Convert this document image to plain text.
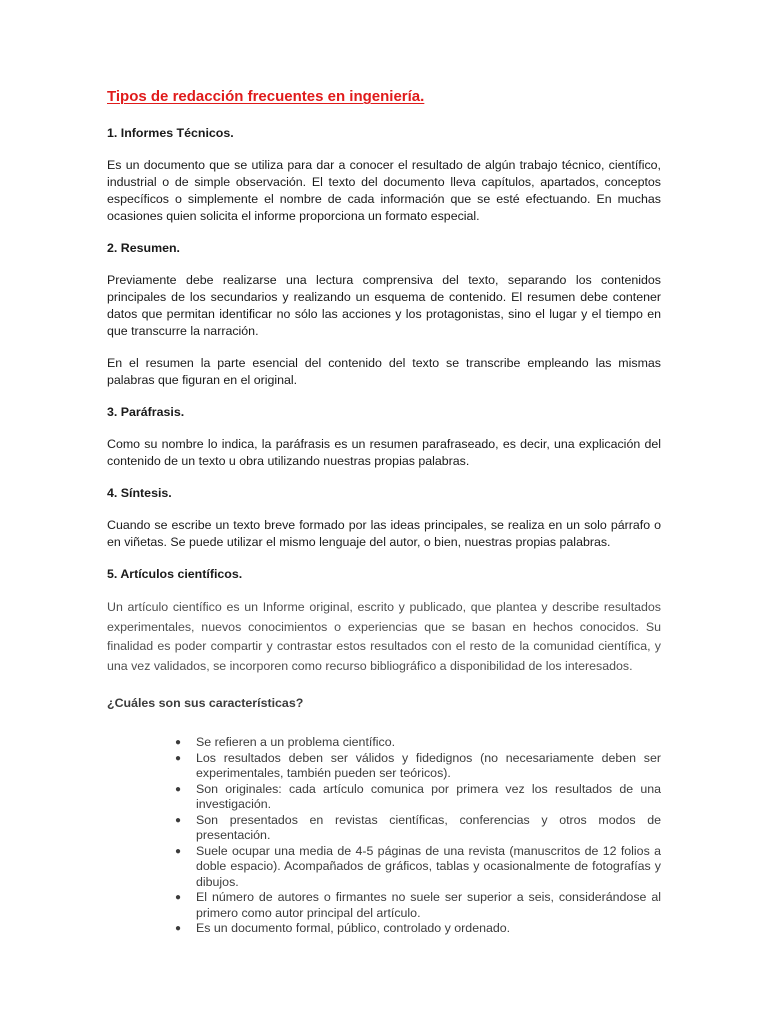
Tipos de redacción frecuentes en ingeniería.
1. Informes Técnicos.
Es un documento que se utiliza para dar a conocer el resultado de algún trabajo técnico, científico, industrial o de simple observación. El texto del documento lleva capítulos, apartados, conceptos específicos o simplemente el nombre de cada información que se esté efectuando. En muchas ocasiones quien solicita el informe proporciona un formato especial.
2. Resumen.
Previamente debe realizarse una lectura comprensiva del texto, separando los contenidos principales de los secundarios y realizando un esquema de contenido. El resumen debe contener datos que permitan identificar no sólo las acciones y los protagonistas, sino el lugar y el tiempo en que transcurre la narración.
En el resumen la parte esencial del contenido del texto se transcribe empleando las mismas palabras que figuran en el original.
3. Paráfrasis.
Como su nombre lo indica, la paráfrasis es un resumen parafraseado, es decir, una explicación del contenido de un texto u obra utilizando nuestras propias palabras.
4. Síntesis.
Cuando se escribe un texto breve formado por las ideas principales, se realiza en un solo párrafo o en viñetas. Se puede utilizar el mismo lenguaje del autor, o bien, nuestras propias palabras.
5. Artículos científicos.
Un artículo científico es un Informe original, escrito y publicado, que plantea y describe resultados experimentales, nuevos conocimientos o experiencias que se basan en hechos conocidos. Su finalidad es poder compartir y contrastar estos resultados con el resto de la comunidad científica, y una vez validados, se incorporen como recurso bibliográfico a disponibilidad de los interesados.
¿Cuáles son sus características?
● Se refieren a un problema científico.
● Los resultados deben ser válidos y fidedignos (no necesariamente deben ser experimentales, también pueden ser teóricos).
● Son originales: cada artículo comunica por primera vez los resultados de una investigación.
● Son presentados en revistas científicas, conferencias y otros modos de presentación.
● Suele ocupar una media de 4-5 páginas de una revista (manuscritos de 12 folios a doble espacio). Acompañados de gráficos, tablas y ocasionalmente de fotografías y dibujos.
● El número de autores o firmantes no suele ser superior a seis, considerándose al primero como autor principal del artículo.
● Es un documento formal, público, controlado y ordenado.
